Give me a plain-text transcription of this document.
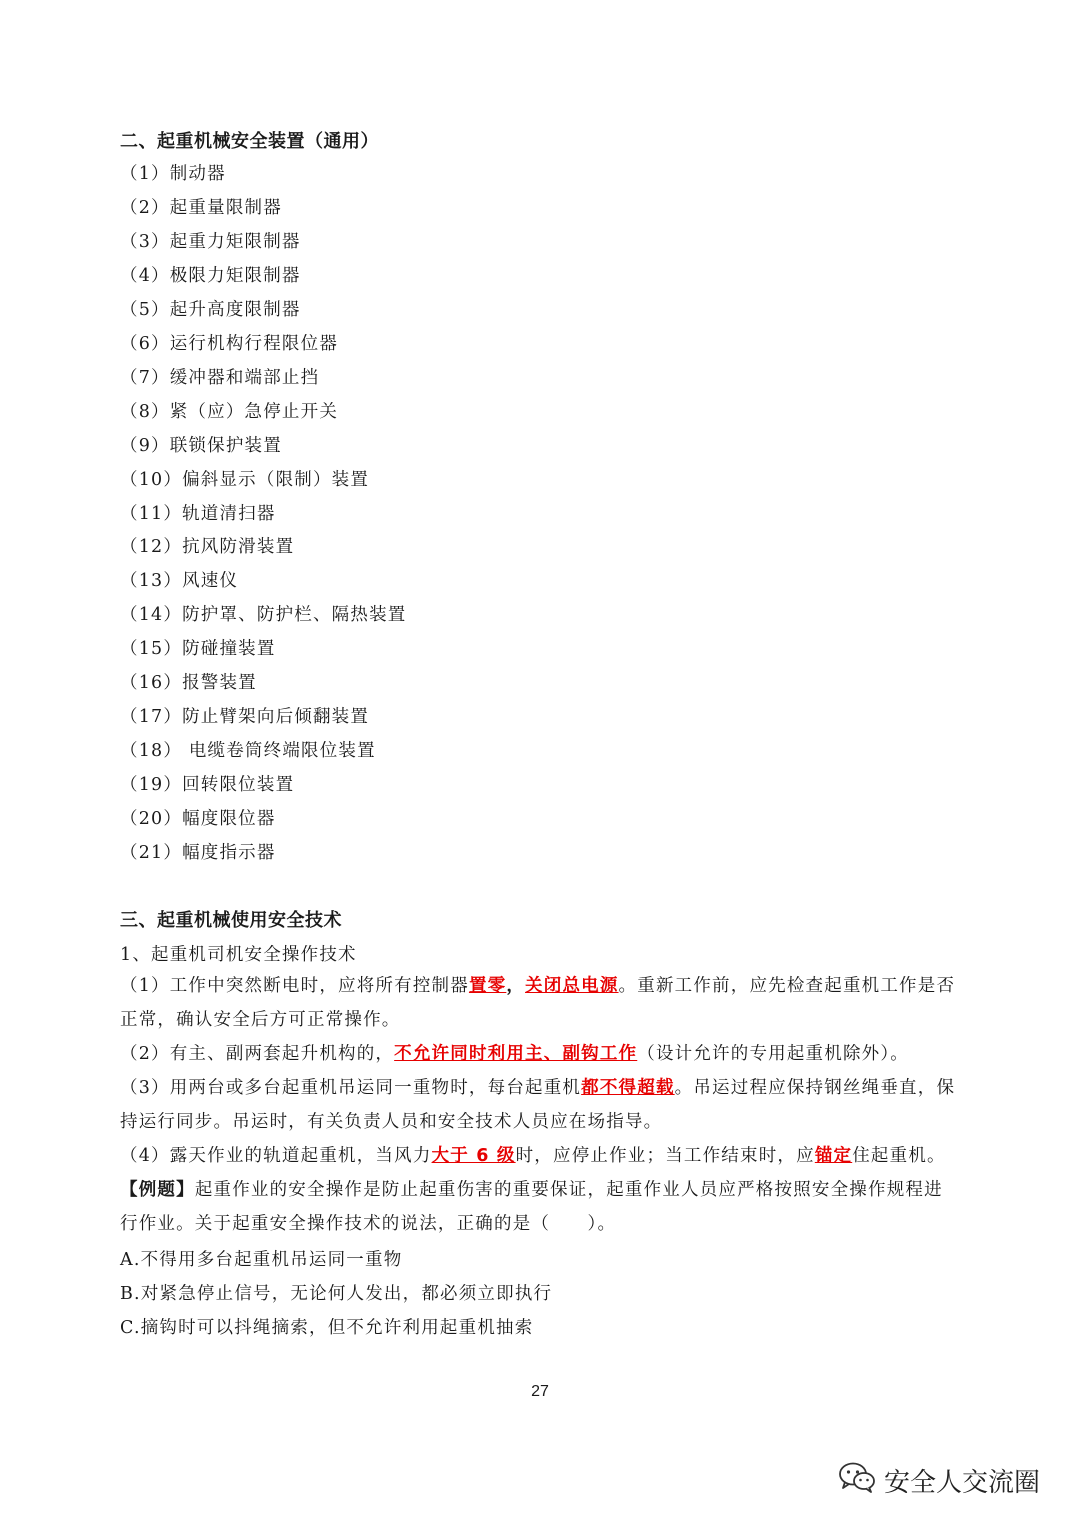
二、起重机械安全装置（通用）
（1）制动器
（2）起重量限制器
（3）起重力矩限制器
（4）极限力矩限制器
（5）起升高度限制器
（6）运行机构行程限位器
（7）缓冲器和端部止挡
（8）紧（应）急停止开关
（9）联锁保护装置
（10）偏斜显示（限制）装置
（11）轨道清扫器
（12）抗风防滑装置
（13）风速仪
（14）防护罩、防护栏、隔热装置
（15）防碰撞装置
（16）报警装置
（17）防止臂架向后倾翻装置
（18） 电缆卷筒终端限位装置
（19）回转限位装置
（20）幅度限位器
（21）幅度指示器
三、起重机械使用安全技术
1、起重机司机安全操作技术
（1）工作中突然断电时，应将所有控制器置零，关闭总电源。重新工作前，应先检查起重机工作是否正常，确认安全后方可正常操作。
（2）有主、副两套起升机构的，不允许同时利用主、副钩工作（设计允许的专用起重机除外）。
（3）用两台或多台起重机吊运同一重物时，每台起重机都不得超载。吊运过程应保持钢丝绳垂直，保持运行同步。吊运时，有关负责人员和安全技术人员应在场指导。
（4）露天作业的轨道起重机，当风力大于 6 级时，应停止作业；当工作结束时，应锚定住起重机。
【例题】起重作业的安全操作是防止起重伤害的重要保证，起重作业人员应严格按照安全操作规程进行作业。关于起重安全操作技术的说法，正确的是（　　）。
A.不得用多台起重机吊运同一重物
B.对紧急停止信号，无论何人发出，都必须立即执行
C.摘钩时可以抖绳摘索，但不允许利用起重机抽索
27
安全人交流圈
